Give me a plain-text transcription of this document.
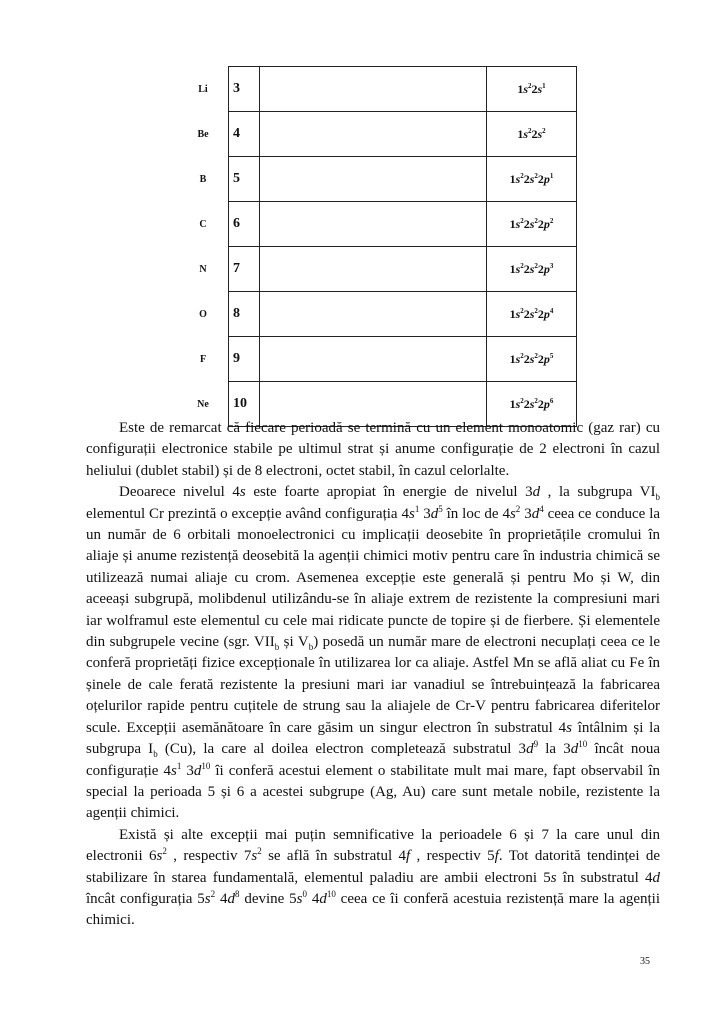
Li	3		$1s^22s^1$
Be	4		$1s^22s^2$
B	5		$1s^22s^22p^1$
C	6		$1s^22s^22p^2$
N	7		$1s^22s^22p^3$
O	8		$1s^22s^22p^4$
F	9		$1s^22s^22p^5$
Ne	10		$1s^22s^22p^6$

Este de remarcat că fiecare perioadă se termină cu un element monoatomic (gaz rar) cu configurații electronice stabile pe ultimul strat și anume configurație de 2 electroni în cazul heliului (dublet stabil) și de 8 electroni, octet stabil, în cazul celorlalte.

Deoarece nivelul 4s este foarte apropiat în energie de nivelul 3d , la subgrupa $VI_b$ elementul Cr prezintă o excepție având configurația $4s^1$ $3d^5$ în loc de $4s^2$ $3d^4$ ceea ce conduce la un număr de 6 orbitali monoelectronici cu implicații deosebite în proprietățile cromului în aliaje și anume rezistență deosebită la agenții chimici motiv pentru care în industria chimică se utilizează numai aliaje cu crom. Asemenea excepție este generală și pentru Mo și W, din aceeași subgrupă, molibdenul utilizându-se în aliaje extrem de rezistente la compresiuni mari iar wolframul este elementul cu cele mai ridicate puncte de topire și de fierbere. Și elementele din subgrupele vecine (sgr. $VII_b$ și $V_b$) posedă un număr mare de electroni necuplați ceea ce le conferă proprietăți fizice excepționale în utilizarea lor ca aliaje. Astfel Mn se află aliat cu Fe în șinele de cale ferată rezistente la presiuni mari iar vanadiul se întrebuințează la fabricarea oțelurilor rapide pentru cuțitele de strung sau la aliajele de Cr-V pentru fabricarea diferitelor scule. Excepții asemănătoare în care găsim un singur electron în substratul 4s întâlnim și la subgrupa $I_b$ (Cu), la care al doilea electron completează substratul $3d^9$ la $3d^{10}$ încât noua configurație $4s^1$ $3d^{10}$ îi conferă acestui element o stabilitate mult mai mare, fapt observabil în special la perioada 5 și 6 a acestei subgrupe (Ag, Au) care sunt metale nobile, rezistente la agenții chimici.

Există și alte excepții mai puțin semnificative la perioadele 6 și 7 la care unul din electronii $6s^2$ , respectiv $7s^2$ se află în substratul 4f , respectiv 5f. Tot datorită tendinței de stabilizare în starea fundamentală, elementul paladiu are ambii electroni 5s în substratul 4d încât configurația $5s^2$ $4d^8$ devine $5s^0$ $4d^{10}$ ceea ce îi conferă acestuia rezistență mare la agenții chimici.

35
